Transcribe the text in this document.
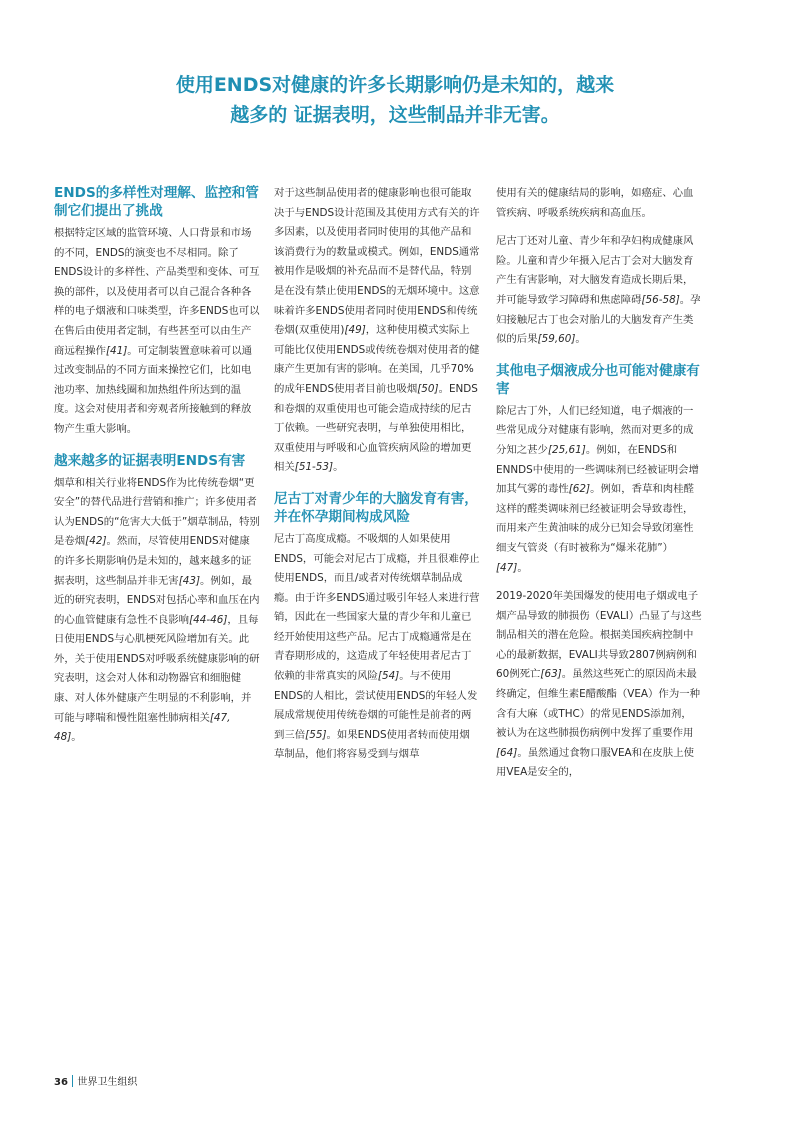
使用ENDS对健康的许多长期影响仍是未知的，越来
越多的 证据表明，这些制品并非无害。
ENDS的多样性对理解、监控和管制它们提出了挑战

根据特定区域的监管环境、人口背景和市场的不同，ENDS的演变也不尽相同。除了ENDS设计的多样性、产品类型和变体、可互换的部件，以及使用者可以自己混合各种各样的电子烟液和口味类型，许多ENDS也可以在售后由使用者定制，有些甚至可以由生产商远程操作[41]。可定制装置意味着可以通过改变制品的不同方面来操控它们，比如电池功率、加热线圈和加热组件所达到的温度。这会对使用者和旁观者所接触到的释放物产生重大影响。

越来越多的证据表明ENDS有害

烟草和相关行业将ENDS作为比传统卷烟“更安全”的替代品进行营销和推广；许多使用者认为ENDS的“危害大大低于”烟草制品，特别是卷烟[42]。然而，尽管使用ENDS对健康的许多长期影响仍是未知的，越来越多的证据表明，这些制品并非无害[43]。例如，最近的研究表明，ENDS对包括心率和血压在内的心血管健康有急性不良影响[44-46]，且每日使用ENDS与心肌梗死风险增加有关。此外，关于使用ENDS对呼吸系统健康影响的研究表明，这会对人体和动物器官和细胞健康、对人体外健康产生明显的不利影响，并可能与哮喘和慢性阻塞性肺病相关[47, 48]。

对于这些制品使用者的健康影响也很可能取决于与ENDS设计范围及其使用方式有关的许多因素，以及使用者同时使用的其他产品和该消费行为的数量或模式。例如，ENDS通常被用作是吸烟的补充品而不是替代品，特别是在没有禁止使用ENDS的无烟环境中。这意味着许多ENDS使用者同时使用ENDS和传统卷烟(双重使用)[49]，这种使用模式实际上可能比仅使用ENDS或传统卷烟对使用者的健康产生更加有害的影响。在美国，几乎70%的成年ENDS使用者目前也吸烟[50]。ENDS和卷烟的双重使用也可能会造成持续的尼古丁依赖。一些研究表明，与单独使用相比，双重使用与呼吸和心血管疾病风险的增加更相关[51-53]。

尼古丁对青少年的大脑发育有害，并在怀孕期间构成风险

尼古丁高度成瘾。不吸烟的人如果使用ENDS，可能会对尼古丁成瘾，并且很难停止使用ENDS，而且/或者对传统烟草制品成瘾。由于许多ENDS通过吸引年轻人来进行营销，因此在一些国家大量的青少年和儿童已经开始使用这些产品。尼古丁成瘾通常是在青春期形成的，这造成了年轻使用者尼古丁依赖的非常真实的风险[54]。与不使用ENDS的人相比，尝试使用ENDS的年轻人发展成常规使用传统卷烟的可能性是前者的两到三倍[55]。如果ENDS使用者转而使用烟草制品，他们将容易受到与烟草

使用有关的健康结局的影响，如癌症、心血管疾病、呼吸系统疾病和高血压。

尼古丁还对儿童、青少年和孕妇构成健康风险。儿童和青少年摄入尼古丁会对大脑发育产生有害影响，对大脑发育造成长期后果，并可能导致学习障碍和焦虑障碍[56-58]。孕妇接触尼古丁也会对胎儿的大脑发育产生类似的后果[59,60]。

其他电子烟液成分也可能对健康有害

除尼古丁外，人们已经知道，电子烟液的一些常见成分对健康有影响，然而对更多的成分知之甚少[25,61]。例如，在ENDS和ENNDS中使用的一些调味剂已经被证明会增加其气雾的毒性[62]。例如，香草和肉桂醛这样的醛类调味剂已经被证明会导致毒性，而用来产生黄油味的成分已知会导致闭塞性细支气管炎（有时被称为“爆米花肺”）[47]。

2019-2020年美国爆发的使用电子烟或电子烟产品导致的肺损伤（EVALI）凸显了与这些制品相关的潜在危险。根据美国疾病控制中心的最新数据，EVALI共导致2807例病例和60例死亡[63]。虽然这些死亡的原因尚未最终确定，但维生素E醋酸酯（VEA）作为一种含有大麻（或THC）的常见ENDS添加剂，被认为在这些肺损伤病例中发挥了重要作用[64]。虽然通过食物口服VEA和在皮肤上使用VEA是安全的，

36 世界卫生组织
